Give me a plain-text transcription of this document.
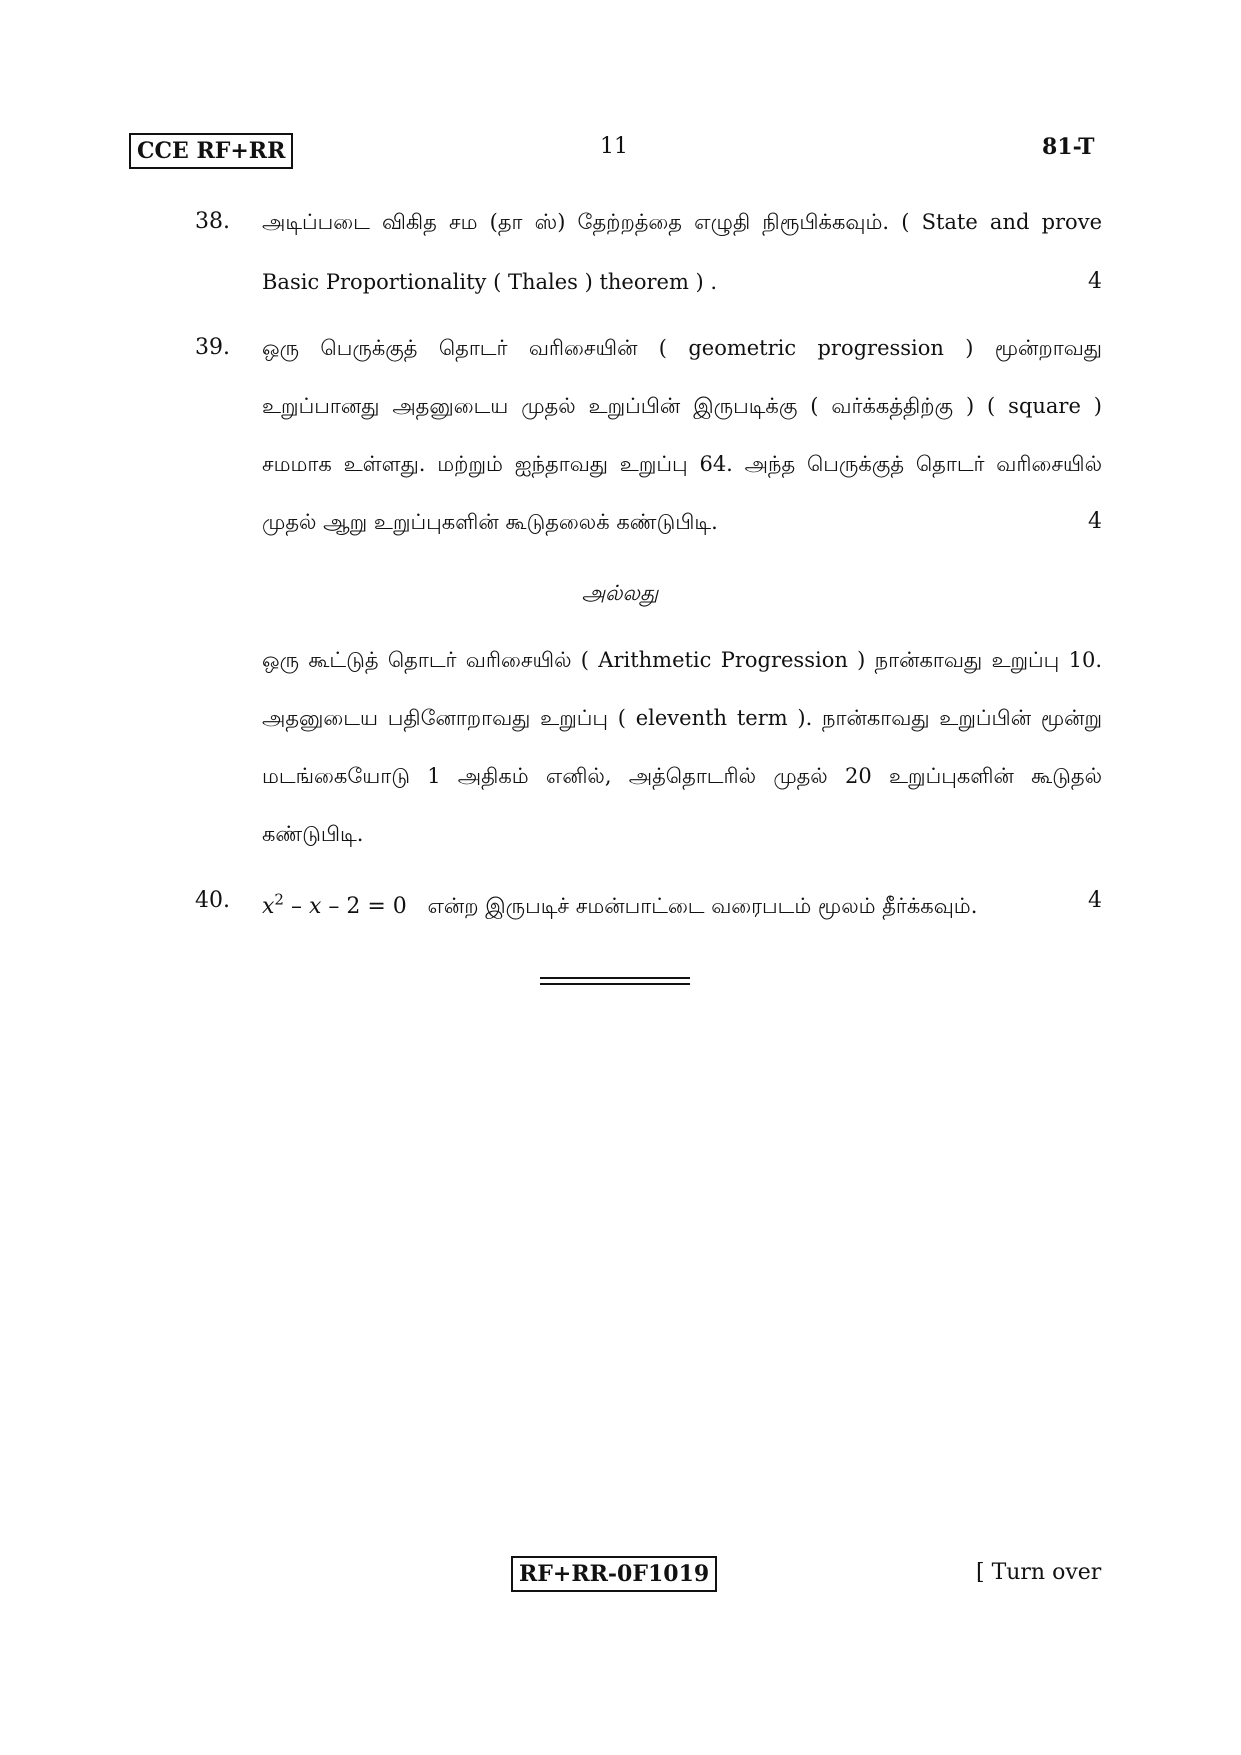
CCE RF+RR	11	81-T
38. அடிப்படை விகித சம (தா ஸ்) தேற்றத்தை எழுதி நிரூபிக்கவும். ( State and prove
Basic Proportionality ( Thales ) theorem ) .	4
39. ஒரு பெருக்குத் தொடர் வரிசையின் ( geometric progression ) மூன்றாவது
உறுப்பானது அதனுடைய முதல் உறுப்பின் இருபடிக்கு ( வர்க்கத்திற்கு ) ( square )
சமமாக உள்ளது. மற்றும் ஐந்தாவது உறுப்பு 64. அந்த பெருக்குத் தொடர் வரிசையில்
முதல் ஆறு உறுப்புகளின் கூடுதலைக் கண்டுபிடி.	4
அல்லது
ஒரு கூட்டுத் தொடர் வரிசையில் ( Arithmetic Progression ) நான்காவது உறுப்பு 10.
அதனுடைய பதினோறாவது உறுப்பு ( eleventh term ). நான்காவது உறுப்பின் மூன்று
மடங்கையோடு 1 அதிகம் எனில், அத்தொடரில் முதல் 20 உறுப்புகளின் கூடுதல்
கண்டுபிடி.
40. $x^2 - x - 2 = 0$ என்ற இருபடிச் சமன்பாட்டை வரைபடம் மூலம் தீர்க்கவும்.	4
RF+RR-0F1019	[ Turn over
